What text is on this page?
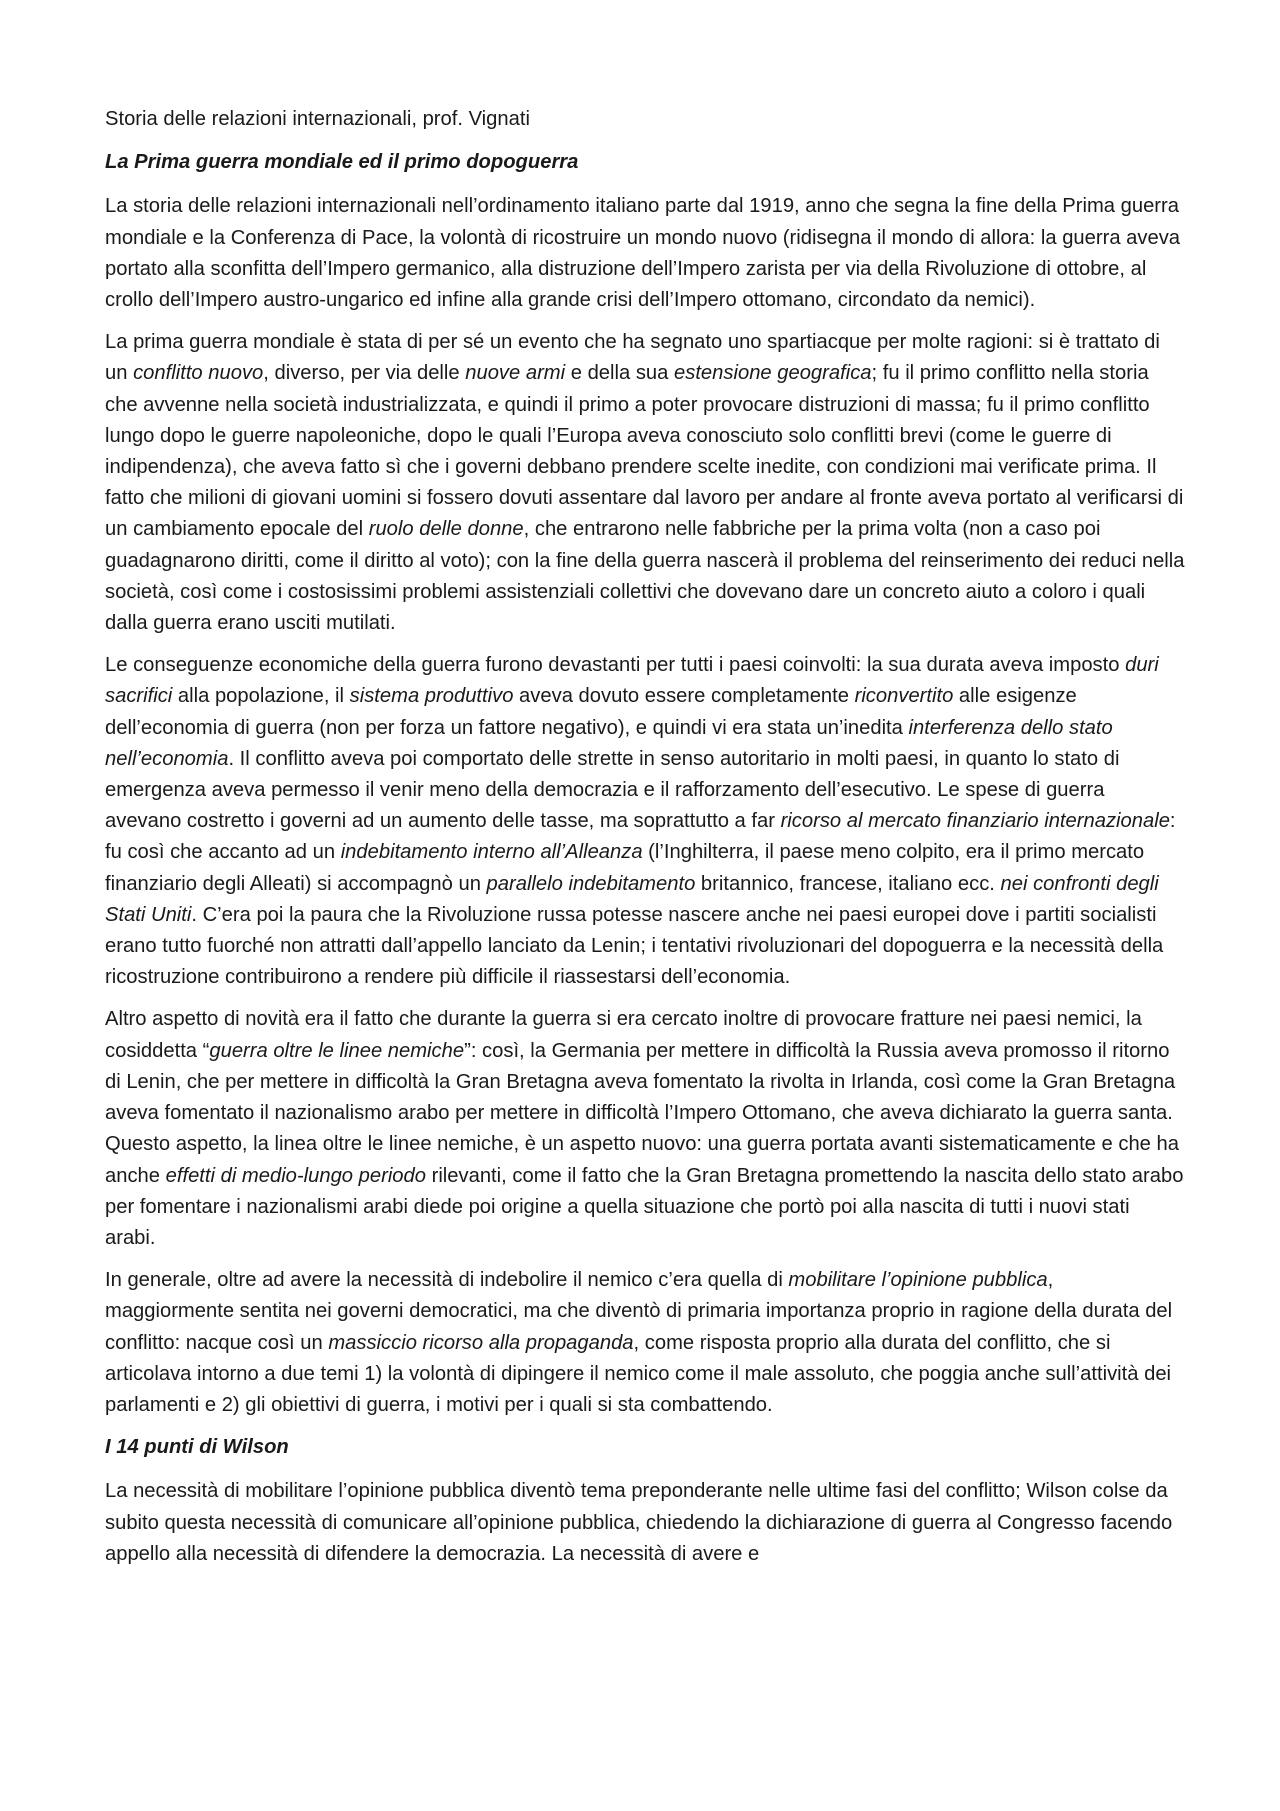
Storia delle relazioni internazionali, prof. Vignati

La Prima guerra mondiale ed il primo dopoguerra

La storia delle relazioni internazionali nell’ordinamento italiano parte dal 1919, anno che segna la fine della Prima guerra mondiale e la Conferenza di Pace, la volontà di ricostruire un mondo nuovo (ridisegna il mondo di allora: la guerra aveva portato alla sconfitta dell’Impero germanico, alla distruzione dell’Impero zarista per via della Rivoluzione di ottobre, al crollo dell’Impero austro-ungarico ed infine alla grande crisi dell’Impero ottomano, circondato da nemici).

La prima guerra mondiale è stata di per sé un evento che ha segnato uno spartiacque per molte ragioni: si è trattato di un conflitto nuovo, diverso, per via delle nuove armi e della sua estensione geografica; fu il primo conflitto nella storia che avvenne nella società industrializzata, e quindi il primo a poter provocare distruzioni di massa; fu il primo conflitto lungo dopo le guerre napoleoniche, dopo le quali l’Europa aveva conosciuto solo conflitti brevi (come le guerre di indipendenza), che aveva fatto sì che i governi debbano prendere scelte inedite, con condizioni mai verificate prima. Il fatto che milioni di giovani uomini si fossero dovuti assentare dal lavoro per andare al fronte aveva portato al verificarsi di un cambiamento epocale del ruolo delle donne, che entrarono nelle fabbriche per la prima volta (non a caso poi guadagnarono diritti, come il diritto al voto); con la fine della guerra nascerà il problema del reinserimento dei reduci nella società, così come i costosissimi problemi assistenziali collettivi che dovevano dare un concreto aiuto a coloro i quali dalla guerra erano usciti mutilati.

Le conseguenze economiche della guerra furono devastanti per tutti i paesi coinvolti: la sua durata aveva imposto duri sacrifici alla popolazione, il sistema produttivo aveva dovuto essere completamente riconvertito alle esigenze dell’economia di guerra (non per forza un fattore negativo), e quindi vi era stata un’inedita interferenza dello stato nell’economia. Il conflitto aveva poi comportato delle strette in senso autoritario in molti paesi, in quanto lo stato di emergenza aveva permesso il venir meno della democrazia e il rafforzamento dell’esecutivo. Le spese di guerra avevano costretto i governi ad un aumento delle tasse, ma soprattutto a far ricorso al mercato finanziario internazionale: fu così che accanto ad un indebitamento interno all’Alleanza (l’Inghilterra, il paese meno colpito, era il primo mercato finanziario degli Alleati) si accompagnò un parallelo indebitamento britannico, francese, italiano ecc. nei confronti degli Stati Uniti. C’era poi la paura che la Rivoluzione russa potesse nascere anche nei paesi europei dove i partiti socialisti erano tutto fuorché non attratti dall’appello lanciato da Lenin; i tentativi rivoluzionari del dopoguerra e la necessità della ricostruzione contribuirono a rendere più difficile il riassestarsi dell’economia.

Altro aspetto di novità era il fatto che durante la guerra si era cercato inoltre di provocare fratture nei paesi nemici, la cosiddetta “guerra oltre le linee nemiche”: così, la Germania per mettere in difficoltà la Russia aveva promosso il ritorno di Lenin, che per mettere in difficoltà la Gran Bretagna aveva fomentato la rivolta in Irlanda, così come la Gran Bretagna aveva fomentato il nazionalismo arabo per mettere in difficoltà l’Impero Ottomano, che aveva dichiarato la guerra santa. Questo aspetto, la linea oltre le linee nemiche, è un aspetto nuovo: una guerra portata avanti sistematicamente e che ha anche effetti di medio-lungo periodo rilevanti, come il fatto che la Gran Bretagna promettendo la nascita dello stato arabo per fomentare i nazionalismi arabi diede poi origine a quella situazione che portò poi alla nascita di tutti i nuovi stati arabi.

In generale, oltre ad avere la necessità di indebolire il nemico c’era quella di mobilitare l’opinione pubblica, maggiormente sentita nei governi democratici, ma che diventò di primaria importanza proprio in ragione della durata del conflitto: nacque così un massiccio ricorso alla propaganda, come risposta proprio alla durata del conflitto, che si articolava intorno a due temi 1) la volontà di dipingere il nemico come il male assoluto, che poggia anche sull’attività dei parlamenti e 2) gli obiettivi di guerra, i motivi per i quali si sta combattendo.

I 14 punti di Wilson

La necessità di mobilitare l’opinione pubblica diventò tema preponderante nelle ultime fasi del conflitto; Wilson colse da subito questa necessità di comunicare all’opinione pubblica, chiedendo la dichiarazione di guerra al Congresso facendo appello alla necessità di difendere la democrazia. La necessità di avere e
